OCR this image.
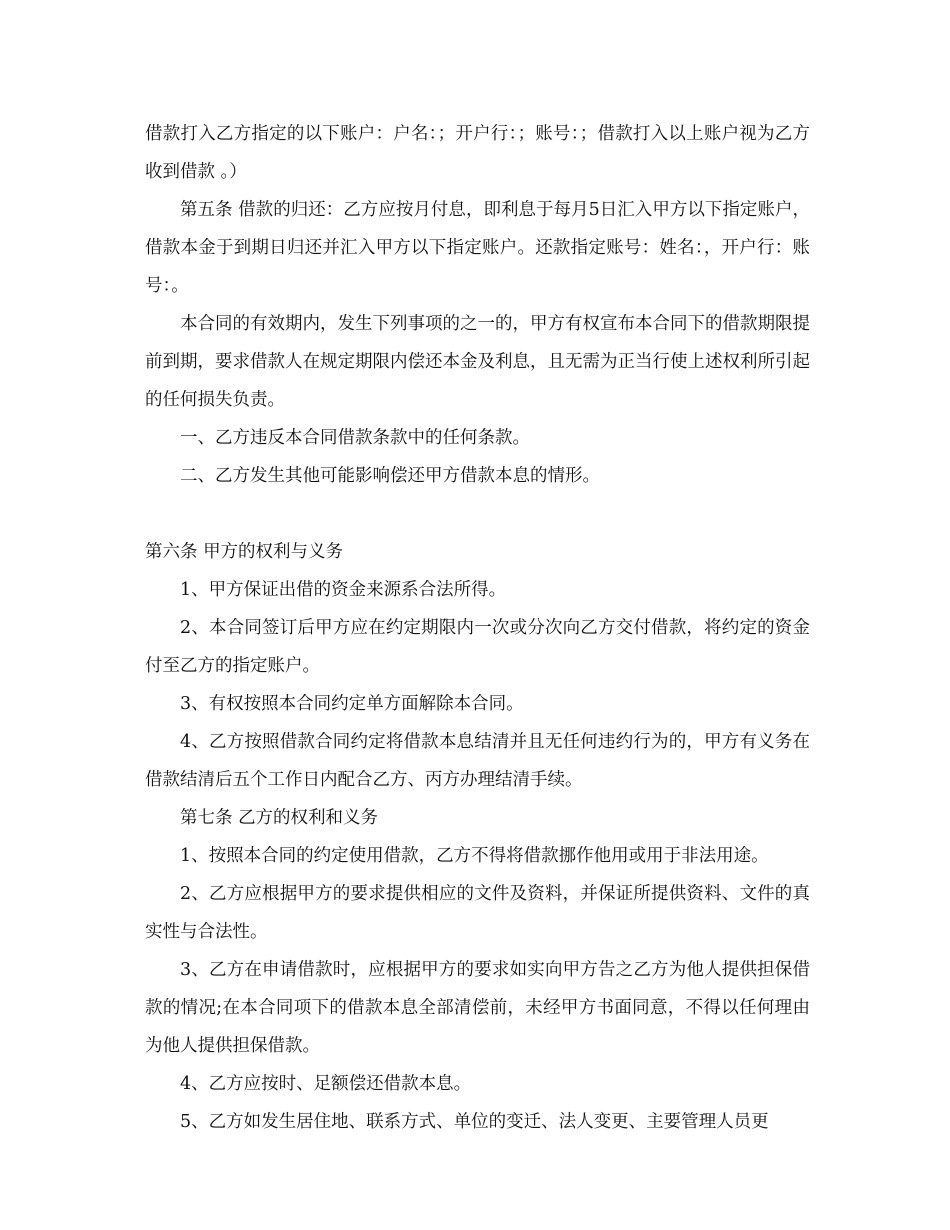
借款打入乙方指定的以下账户：户名：；开户行：；账号：；借款打入以上账户视为乙方收到借款 。）

第五条 借款的归还：乙方应按月付息，即利息于每月5日汇入甲方以下指定账户，借款本金于到期日归还并汇入甲方以下指定账户。还款指定账号：姓名：，开户行：账号：。

本合同的有效期内，发生下列事项的之一的，甲方有权宣布本合同下的借款期限提前到期，要求借款人在规定期限内偿还本金及利息，且无需为正当行使上述权利所引起的任何损失负责。

一、乙方违反本合同借款条款中的任何条款。

二、乙方发生其他可能影响偿还甲方借款本息的情形。

第六条 甲方的权利与义务

1、甲方保证出借的资金来源系合法所得。

2、本合同签订后甲方应在约定期限内一次或分次向乙方交付借款，将约定的资金付至乙方的指定账户。

3、有权按照本合同约定单方面解除本合同。

4、乙方按照借款合同约定将借款本息结清并且无任何违约行为的，甲方有义务在借款结清后五个工作日内配合乙方、丙方办理结清手续。

第七条 乙方的权利和义务

1、按照本合同的约定使用借款，乙方不得将借款挪作他用或用于非法用途。

2、乙方应根据甲方的要求提供相应的文件及资料，并保证所提供资料、文件的真实性与合法性。

3、乙方在申请借款时，应根据甲方的要求如实向甲方告之乙方为他人提供担保借款的情况;在本合同项下的借款本息全部清偿前，未经甲方书面同意，不得以任何理由为他人提供担保借款。

4、乙方应按时、足额偿还借款本息。

5、乙方如发生居住地、联系方式、单位的变迁、法人变更、主要管理人员更
